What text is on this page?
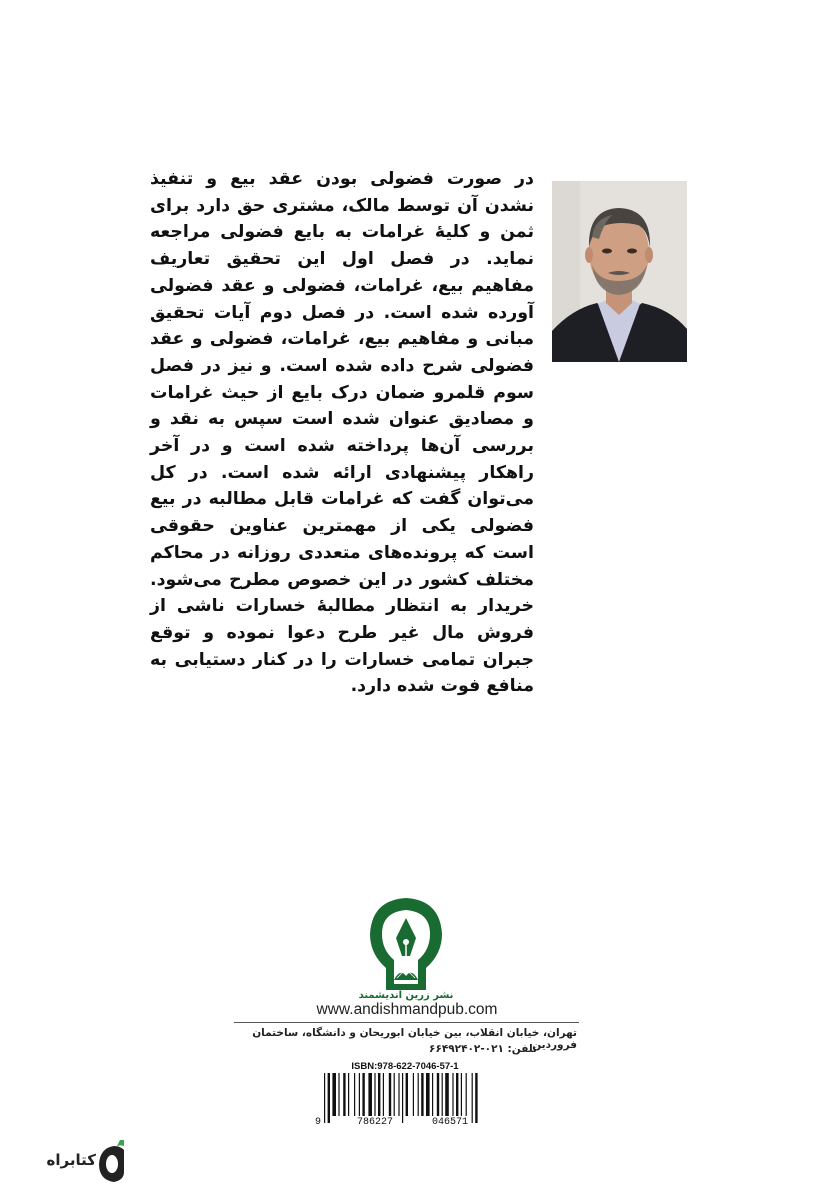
در صورت فضولی بودن عقد بیع و تنفیذ نشدن آن توسط مالک، مشتری حق دارد برای ثمن و کلیهٔ غرامات به بایع فضولی مراجعه نماید. در فصل اول این تحقیق تعاریف مفاهیم بیع، غرامات، فضولی و عقد فضولی آورده شده است. در فصل دوم آیات تحقیق مبانی و مفاهیم بیع، غرامات، فضولی و عقد فضولی شرح داده شده است. و نیز در فصل سوم قلمرو ضمان درک بایع از حیث غرامات و مصادیق عنوان شده است سپس به نقد و بررسی آن‌ها پرداخته شده است و در آخر راهکار پیشنهادی ارائه شده است. در کل می‌توان گفت که غرامات قابل مطالبه در بیع فضولی یکی از مهمترین عناوین حقوقی است که پرونده‌های متعددی روزانه در محاکم مختلف کشور در این خصوص مطرح می‌شود. خریدار به انتظار مطالبهٔ خسارات ناشی از فروش مال غیر طرح دعوا نموده و توقع جبران تمامی خسارات را در کنار دستیابی به منافع فوت شده دارد.
نشر زرین اندیشمند
www.andishmandpub.com
تهران، خیابان انقلاب، بین خیابان ابوریحان و دانشگاه، ساختمان فروردین
تلفن: ۰۲۱-۶۶۴۹۲۴۰۲
ISBN:978-622-7046-57-1
9	786227	046571
کتابراه
